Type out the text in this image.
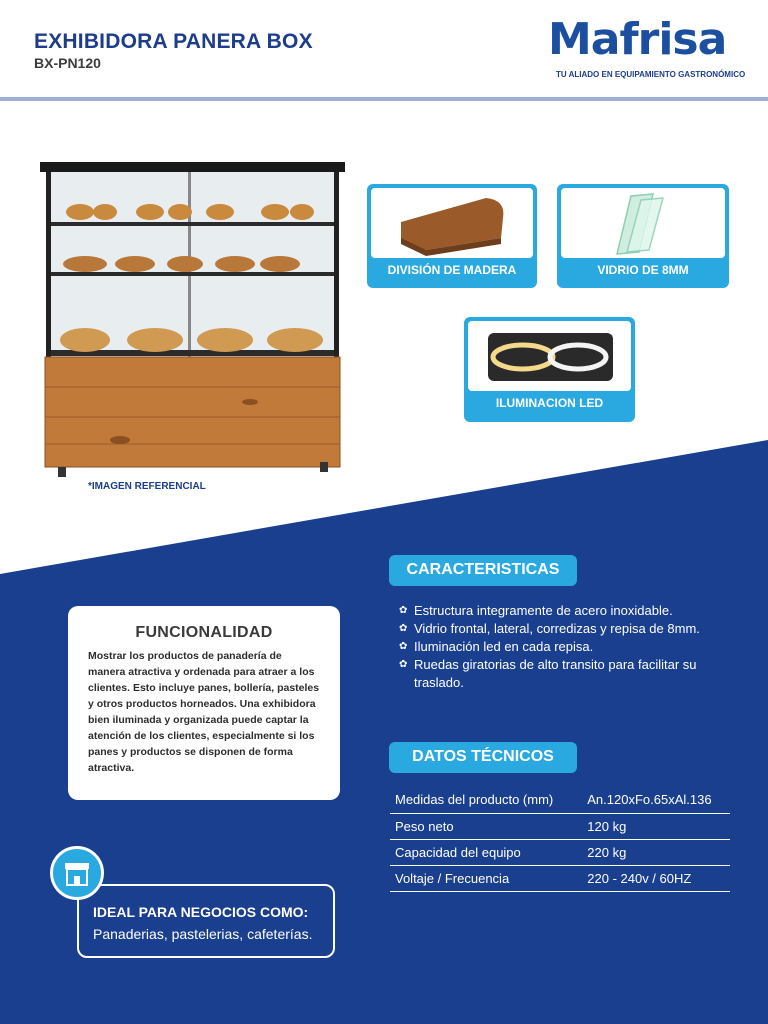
EXHIBIDORA PANERA BOX
BX-PN120	Mafrisa
TU ALIADO EN EQUIPAMIENTO GASTRONÓMICO
*IMAGEN REFERENCIAL
DIVISIÓN DE MADERA	VIDRIO DE 8MM
ILUMINACION LED
CARACTERISTICAS
✿ Estructura integramente de acero inoxidable.
✿ Vidrio frontal, lateral, corredizas y repisa de 8mm.
✿ Iluminación led en cada repisa.
✿ Ruedas giratorias de alto transito para facilitar su traslado.
FUNCIONALIDAD
Mostrar los productos de panadería de manera atractiva y ordenada para atraer a los clientes. Esto incluye panes, bollería, pasteles y otros productos horneados. Una exhibidora bien iluminada y organizada puede captar la atención de los clientes, especialmente si los panes y productos se disponen de forma atractiva.
DATOS TÉCNICOS
Medidas del producto (mm)	An.120xFo.65xAl.136
Peso neto	120 kg
Capacidad del equipo	220 kg
Voltaje / Frecuencia	220 - 240v / 60HZ
IDEAL PARA NEGOCIOS COMO:
Panaderias, pastelerias, cafeterías.
